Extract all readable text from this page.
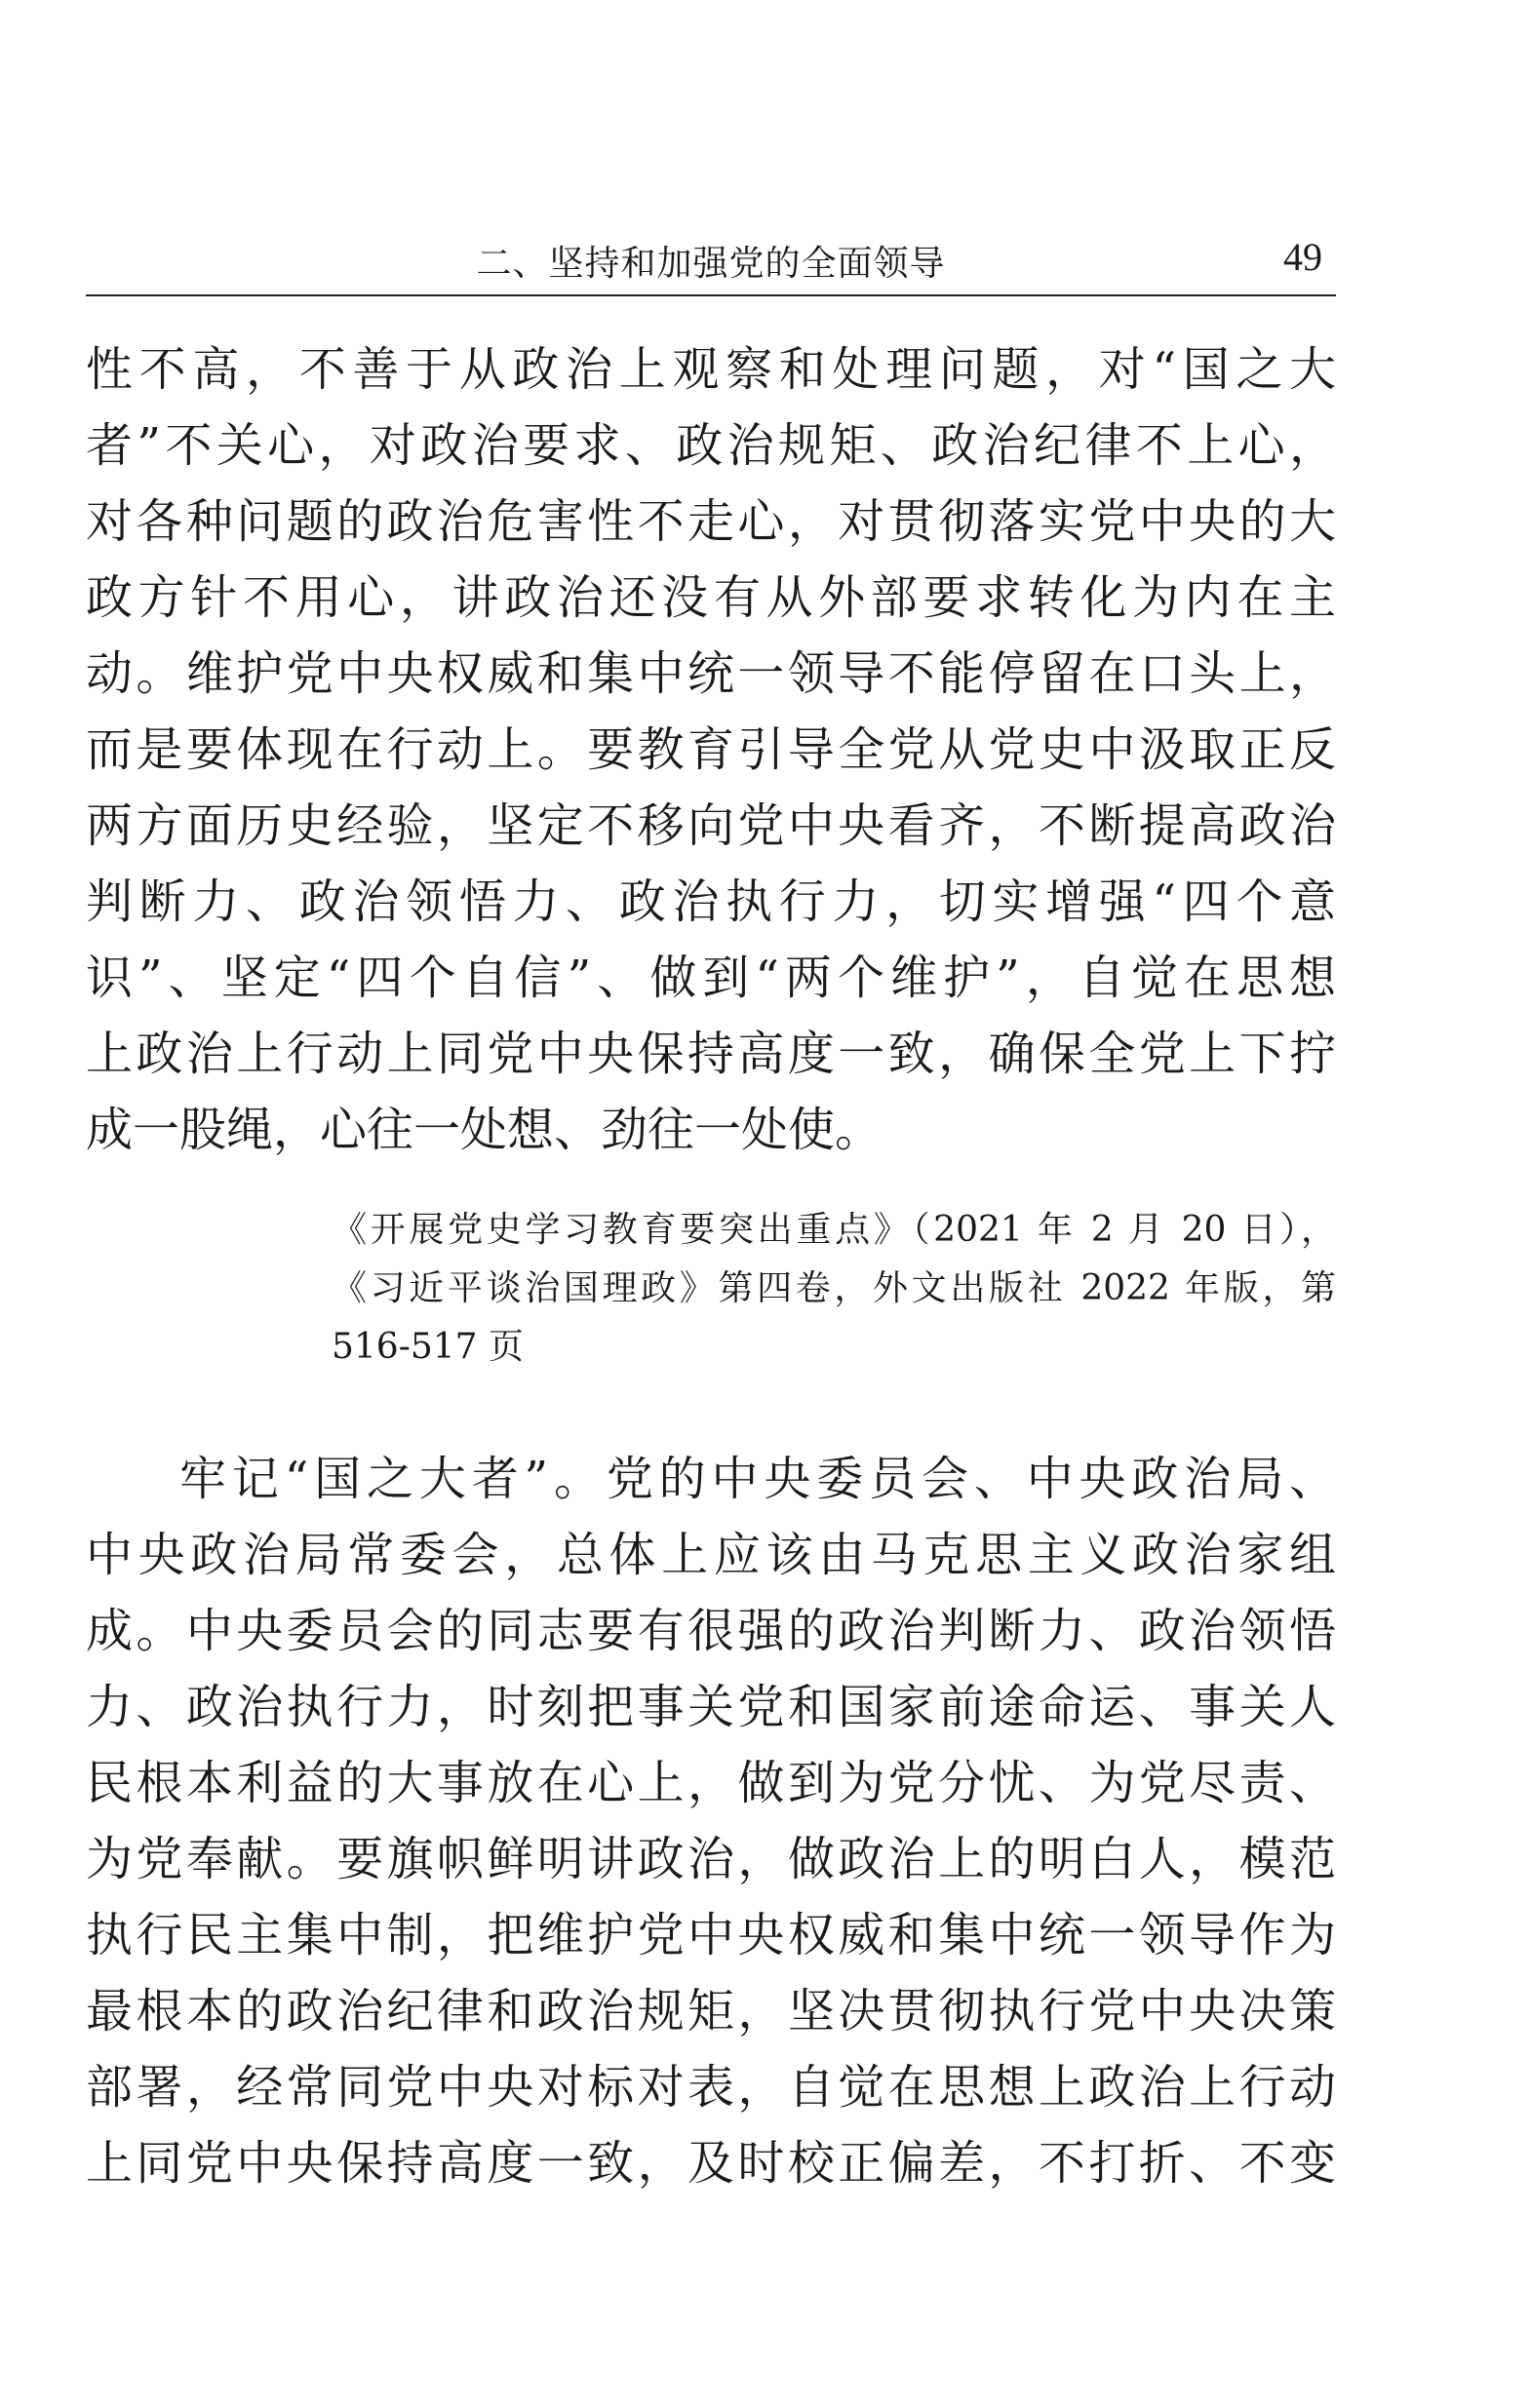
二、坚持和加强党的全面领导	49
性不高，不善于从政治上观察和处理问题，对“国之大
者”不关心，对政治要求、政治规矩、政治纪律不上心，
对各种问题的政治危害性不走心，对贯彻落实党中央的大
政方针不用心，讲政治还没有从外部要求转化为内在主
动。维护党中央权威和集中统一领导不能停留在口头上，
而是要体现在行动上。要教育引导全党从党史中汲取正反
两方面历史经验，坚定不移向党中央看齐，不断提高政治
判断力、政治领悟力、政治执行力，切实增强“四个意
识”、坚定“四个自信”、做到“两个维护”，自觉在思想
上政治上行动上同党中央保持高度一致，确保全党上下拧
成一股绳，心往一处想、劲往一处使。
《开展党史学习教育要突出重点》（2021 年 2 月 20 日），
《习近平谈治国理政》第四卷，外文出版社 2022 年版，第
516-517 页
牢记“国之大者”。党的中央委员会、中央政治局、
中央政治局常委会，总体上应该由马克思主义政治家组
成。中央委员会的同志要有很强的政治判断力、政治领悟
力、政治执行力，时刻把事关党和国家前途命运、事关人
民根本利益的大事放在心上，做到为党分忧、为党尽责、
为党奉献。要旗帜鲜明讲政治，做政治上的明白人，模范
执行民主集中制，把维护党中央权威和集中统一领导作为
最根本的政治纪律和政治规矩，坚决贯彻执行党中央决策
部署，经常同党中央对标对表，自觉在思想上政治上行动
上同党中央保持高度一致，及时校正偏差，不打折、不变
